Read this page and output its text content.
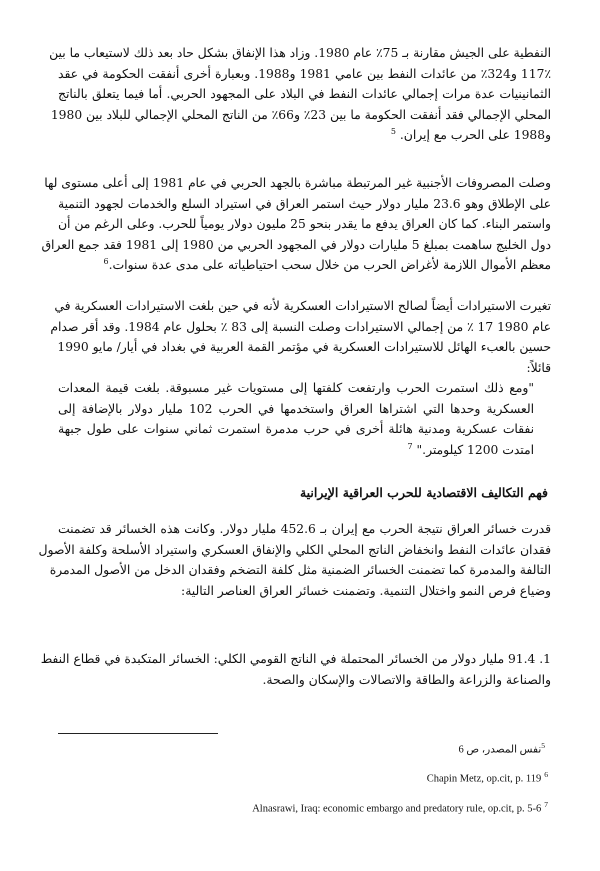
النفطية على الجيش مقارنة بـ 75٪ عام 1980. وزاد هذا الإنفاق بشكل حاد بعد ذلك لاستيعاب ما بين
117٪ و324٪ من عائدات النفط بين عامي 1981 و1988. وبعبارة أخرى أنفقت الحكومة في عقد
الثمانينيات عدة مرات إجمالي عائدات النفط في البلاد على المجهود الحربي. أما فيما يتعلق بالناتج
المحلي الإجمالي فقد أنفقت الحكومة ما بين 23٪ و66٪ من الناتج المحلي الإجمالي للبلاد بين 1980
و1988 على الحرب مع إيران. $^5$
وصلت المصروفات الأجنبية غير المرتبطة مباشرة بالجهد الحربي في عام 1981 إلى أعلى مستوى لها
على الإطلاق وهو 23.6 مليار دولار حيث استمر العراق في استيراد السلع والخدمات لجهود التنمية
واستمر البناء. كما كان العراق يدفع ما يقدر بنحو 25 مليون دولار يومياً للحرب. وعلى الرغم من أن
دول الخليج ساهمت بمبلغ 5 مليارات دولار في المجهود الحربي من 1980 إلى 1981 فقد جمع العراق
معظم الأموال اللازمة لأغراض الحرب من خلال سحب احتياطياته على مدى عدة سنوات.$^6$
تغيرت الاستيرادات أيضاً لصالح الاستيرادات العسكرية لأنه في حين بلغت الاستيرادات العسكرية في
عام 1980 17 ٪ من إجمالي الاستيرادات وصلت النسبة إلى 83 ٪ بحلول عام 1984. وقد أقر صدام
حسين بالعبء الهائل للاستيرادات العسكرية في مؤتمر القمة العربية في بغداد في أيار/ مايو 1990
قائلاً:
"ومع ذلك استمرت الحرب وارتفعت كلفتها إلى مستويات غير مسبوقة. بلغت قيمة المعدات
العسكرية وحدها التي اشتراها العراق واستخدمها في الحرب 102 مليار دولار بالإضافة إلى
نفقات عسكرية ومدنية هائلة أخرى في حرب مدمرة استمرت ثماني سنوات على طول جبهة
امتدت 1200 كيلومتر." $^7$
فهم التكاليف الاقتصادية للحرب العراقية الإيرانية
قدرت خسائر العراق نتيجة الحرب مع إيران بـ 452.6 مليار دولار. وكانت هذه الخسائر قد تضمنت
فقدان عائدات النفط وانخفاض الناتج المحلي الكلي والإنفاق العسكري واستيراد الأسلحة وكلفة الأصول
التالفة والمدمرة كما تضمنت الخسائر الضمنية مثل كلفة التضخم وفقدان الدخل من الأصول المدمرة
وضياع فرص النمو واختلال التنمية. وتضمنت خسائر العراق العناصر التالية:
1. 91.4 مليار دولار من الخسائر المحتملة في الناتج القومي الكلي: الخسائر المتكبدة في قطاع النفط
والصناعة والزراعة والطاقة والاتصالات والإسكان والصحة.
$^5$نفس المصدر، ص 6
Chapin Metz, op.cit, p. 119 $^6$
Alnasrawi, Iraq: economic embargo and predatory rule, op.cit, p. 5-6 $^7$
